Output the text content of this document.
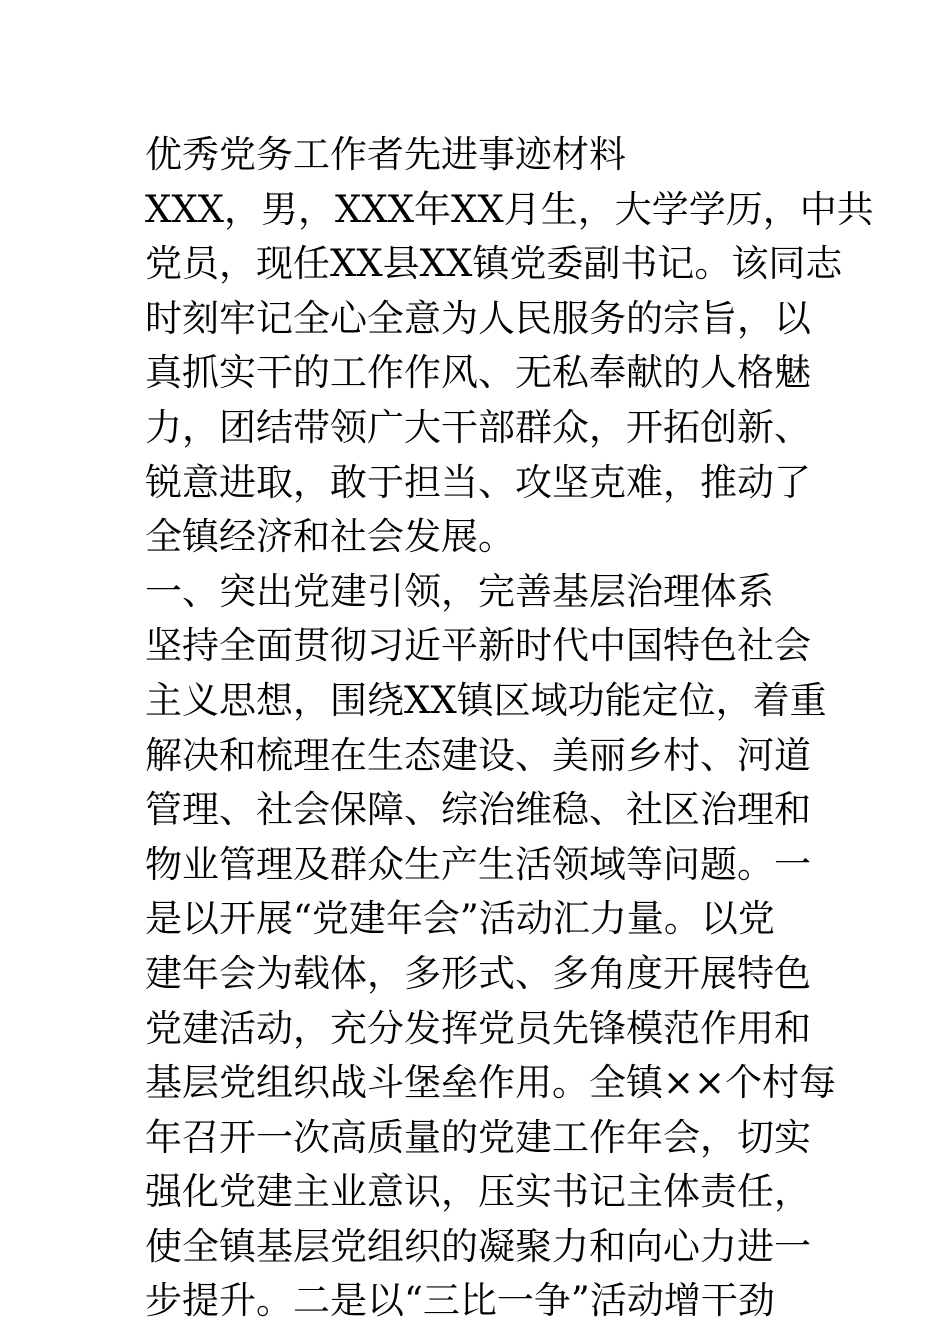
优秀党务工作者先进事迹材料
XXX，男，XXX年XX月生，大学学历，中共
党员，现任XX县XX镇党委副书记。该同志
时刻牢记全心全意为人民服务的宗旨，以
真抓实干的工作作风、无私奉献的人格魅
力，团结带领广大干部群众，开拓创新、
锐意进取，敢于担当、攻坚克难，推动了
全镇经济和社会发展。
一、突出党建引领，完善基层治理体系
坚持全面贯彻习近平新时代中国特色社会
主义思想，围绕XX镇区域功能定位，着重
解决和梳理在生态建设、美丽乡村、河道
管理、社会保障、综治维稳、社区治理和
物业管理及群众生产生活领域等问题。一
是以开展“党建年会”活动汇力量。以党
建年会为载体，多形式、多角度开展特色
党建活动，充分发挥党员先锋模范作用和
基层党组织战斗堡垒作用。全镇××个村每
年召开一次高质量的党建工作年会，切实
强化党建主业意识，压实书记主体责任，
使全镇基层党组织的凝聚力和向心力进一
步提升。二是以“三比一争”活动增干劲
